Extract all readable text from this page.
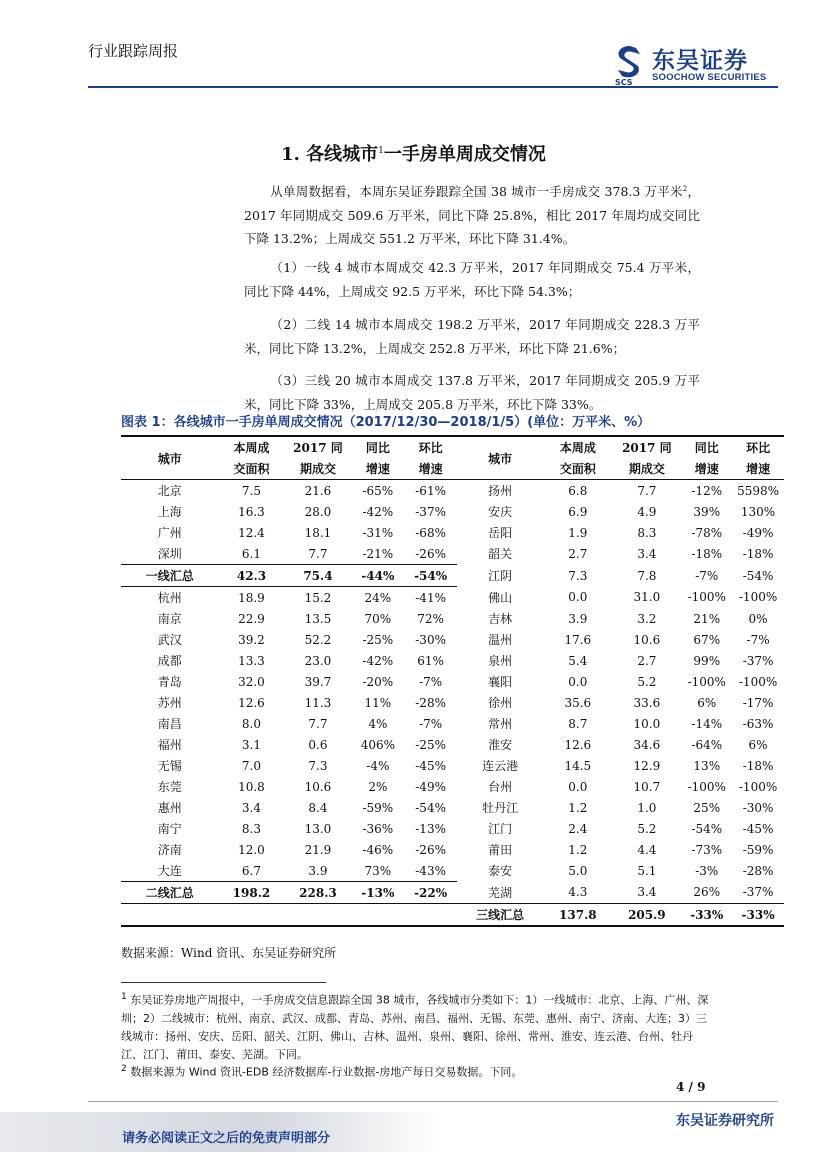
行业跟踪周报
SCS
东吴证券
SOOCHOW SECURITIES
1. 各线城市$^1$一手房单周成交情况
从单周数据看，本周东吴证券跟踪全国 38 城市一手房成交 378.3 万平米$^2$，2017 年同期成交 509.6 万平米，同比下降 25.8%，相比 2017 年周均成交同比下降 13.2%；上周成交 551.2 万平米，环比下降 31.4%。
（1）一线 4 城市本周成交 42.3 万平米，2017 年同期成交 75.4 万平米，同比下降 44%，上周成交 92.5 万平米，环比下降 54.3%；
（2）二线 14 城市本周成交 198.2 万平米，2017 年同期成交 228.3 万平米，同比下降 13.2%，上周成交 252.8 万平米，环比下降 21.6%；
（3）三线 20 城市本周成交 137.8 万平米，2017 年同期成交 205.9 万平米，同比下降 33%，上周成交 205.8 万平米，环比下降 33%。
图表 1：各线城市一手房单周成交情况（2017/12/30—2018/1/5）(单位：万平米、%）
城市	本周成	2017 同	同比	环比	城市	本周成	2017 同	同比	环比
	交面积	期成交	增速	增速		交面积	期成交	增速	增速
北京	7.5	21.6	-65%	-61%	扬州	6.8	7.7	-12%	5598%
上海	16.3	28.0	-42%	-37%	安庆	6.9	4.9	39%	130%
广州	12.4	18.1	-31%	-68%	岳阳	1.9	8.3	-78%	-49%
深圳	6.1	7.7	-21%	-26%	韶关	2.7	3.4	-18%	-18%
一线汇总	42.3	75.4	-44%	-54%	江阴	7.3	7.8	-7%	-54%
杭州	18.9	15.2	24%	-41%	佛山	0.0	31.0	-100%	-100%
南京	22.9	13.5	70%	72%	吉林	3.9	3.2	21%	0%
武汉	39.2	52.2	-25%	-30%	温州	17.6	10.6	67%	-7%
成都	13.3	23.0	-42%	61%	泉州	5.4	2.7	99%	-37%
青岛	32.0	39.7	-20%	-7%	襄阳	0.0	5.2	-100%	-100%
苏州	12.6	11.3	11%	-28%	徐州	35.6	33.6	6%	-17%
南昌	8.0	7.7	4%	-7%	常州	8.7	10.0	-14%	-63%
福州	3.1	0.6	406%	-25%	淮安	12.6	34.6	-64%	6%
无锡	7.0	7.3	-4%	-45%	连云港	14.5	12.9	13%	-18%
东莞	10.8	10.6	2%	-49%	台州	0.0	10.7	-100%	-100%
惠州	3.4	8.4	-59%	-54%	牡丹江	1.2	1.0	25%	-30%
南宁	8.3	13.0	-36%	-13%	江门	2.4	5.2	-54%	-45%
济南	12.0	21.9	-46%	-26%	莆田	1.2	4.4	-73%	-59%
大连	6.7	3.9	73%	-43%	泰安	5.0	5.1	-3%	-28%
二线汇总	198.2	228.3	-13%	-22%	芜湖	4.3	3.4	26%	-37%
					三线汇总	137.8	205.9	-33%	-33%
数据来源：Wind 资讯、东吴证券研究所
$^1$ 东吴证券房地产周报中，一手房成交信息跟踪全国 38 城市，各线城市分类如下：1）一线城市：北京、上海、广州、深圳；2）二线城市：杭州、南京、武汉、成都、青岛、苏州、南昌、福州、无锡、东莞、惠州、南宁、济南、大连；3）三线城市：扬州、安庆、岳阳、韶关、江阴、佛山、吉林、温州、泉州、襄阳、徐州、常州、淮安、连云港、台州、牡丹江、江门、莆田、泰安、芜湖。下同。
$^2$ 数据来源为 Wind 资讯-EDB 经济数据库-行业数据-房地产每日交易数据。下同。
4 / 9
请务必阅读正文之后的免责声明部分
东吴证券研究所
